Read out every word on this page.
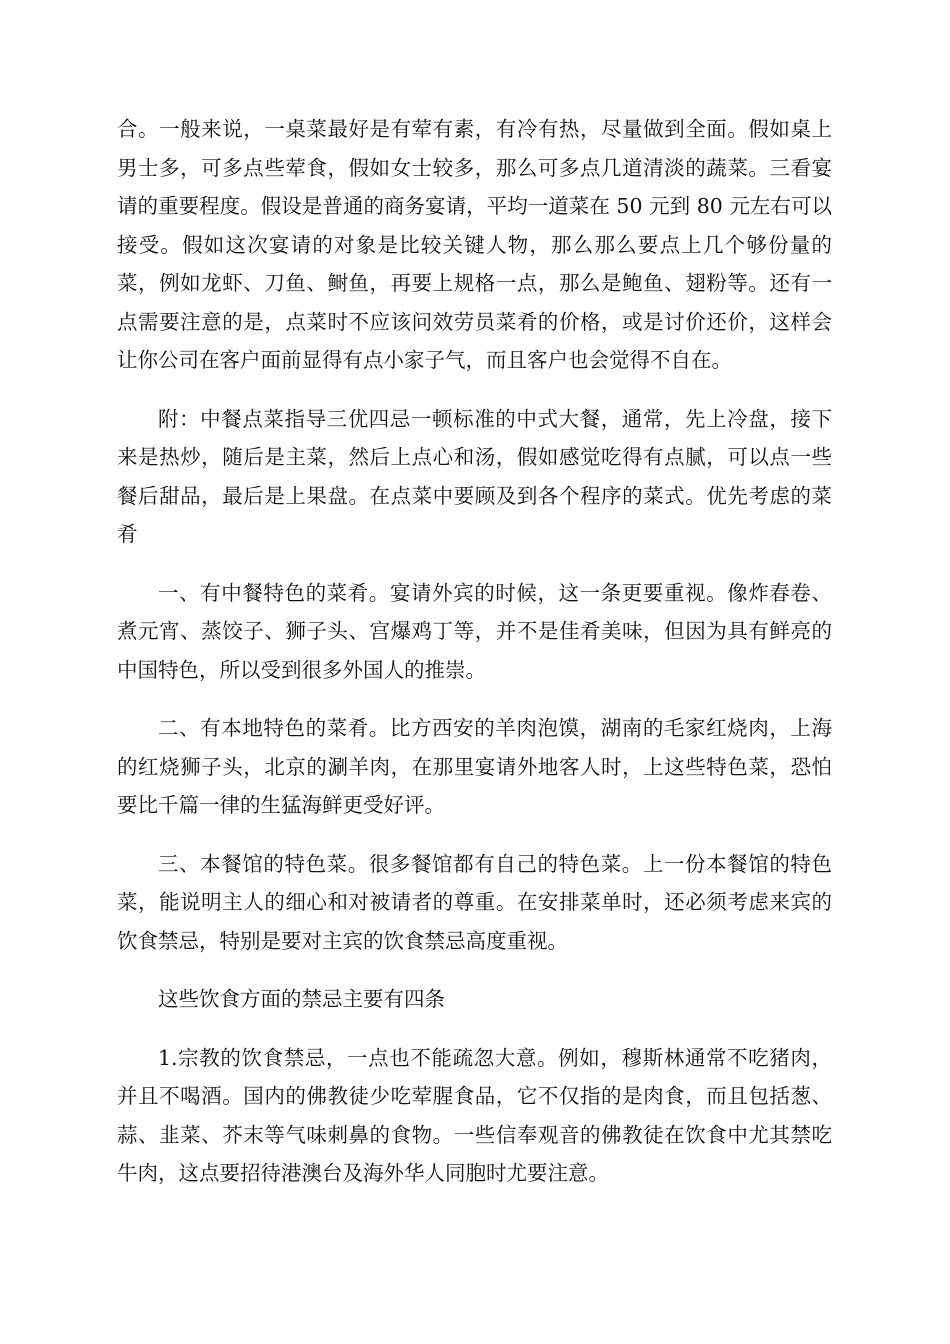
合。一般来说，一桌菜最好是有荤有素，有冷有热，尽量做到全面。假如桌上男士多，可多点些荤食，假如女士较多，那么可多点几道清淡的蔬菜。三看宴请的重要程度。假设是普通的商务宴请，平均一道菜在 50 元到 80 元左右可以接受。假如这次宴请的对象是比较关键人物，那么那么要点上几个够份量的菜，例如龙虾、刀鱼、鲥鱼，再要上规格一点，那么是鲍鱼、翅粉等。还有一点需要注意的是，点菜时不应该问效劳员菜肴的价格，或是讨价还价，这样会让你公司在客户面前显得有点小家子气，而且客户也会觉得不自在。

附：中餐点菜指导三优四忌一顿标准的中式大餐，通常，先上冷盘，接下来是热炒，随后是主菜，然后上点心和汤，假如感觉吃得有点腻，可以点一些餐后甜品，最后是上果盘。在点菜中要顾及到各个程序的菜式。优先考虑的菜肴

一、有中餐特色的菜肴。宴请外宾的时候，这一条更要重视。像炸春卷、煮元宵、蒸饺子、狮子头、宫爆鸡丁等，并不是佳肴美味，但因为具有鲜亮的中国特色，所以受到很多外国人的推崇。

二、有本地特色的菜肴。比方西安的羊肉泡馍，湖南的毛家红烧肉，上海的红烧狮子头，北京的涮羊肉，在那里宴请外地客人时，上这些特色菜，恐怕要比千篇一律的生猛海鲜更受好评。

三、本餐馆的特色菜。很多餐馆都有自己的特色菜。上一份本餐馆的特色菜，能说明主人的细心和对被请者的尊重。在安排菜单时，还必须考虑来宾的饮食禁忌，特别是要对主宾的饮食禁忌高度重视。

这些饮食方面的禁忌主要有四条

1.宗教的饮食禁忌，一点也不能疏忽大意。例如，穆斯林通常不吃猪肉，并且不喝酒。国内的佛教徒少吃荤腥食品，它不仅指的是肉食，而且包括葱、蒜、韭菜、芥末等气味刺鼻的食物。一些信奉观音的佛教徒在饮食中尤其禁吃牛肉，这点要招待港澳台及海外华人同胞时尤要注意。
